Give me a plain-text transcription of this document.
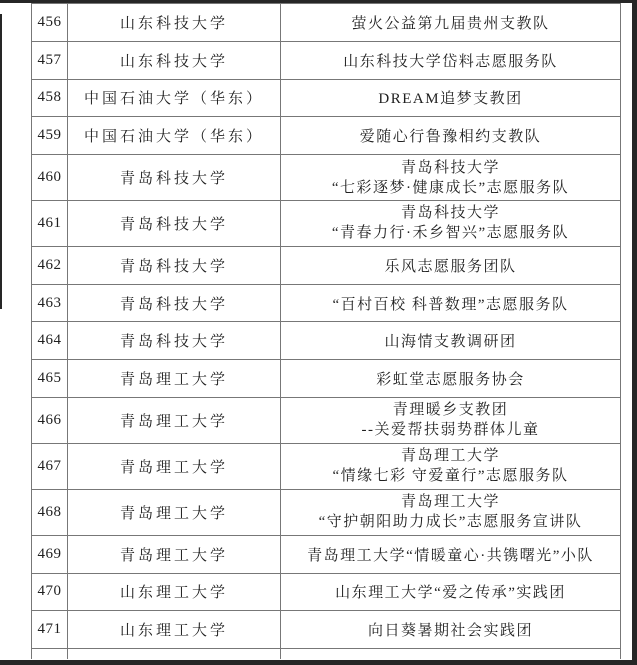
456	山东科技大学	萤火公益第九届贵州支教队

457	山东科技大学	山东科技大学岱料志愿服务队

458	中国石油大学（华东）	DREAM追梦支教团

459	中国石油大学（华东）	爱随心行鲁豫相约支教队

460	青岛科技大学	青岛科技大学
“七彩逐梦·健康成长”志愿服务队

461	青岛科技大学	青岛科技大学
“青春力行·禾乡智兴”志愿服务队

462	青岛科技大学	乐风志愿服务团队

463	青岛科技大学	“百村百校 科普数理”志愿服务队

464	青岛科技大学	山海情支教调研团

465	青岛理工大学	彩虹堂志愿服务协会

466	青岛理工大学	青理暖乡支教团
--关爱帮扶弱势群体儿童

467	青岛理工大学	青岛理工大学
“情缘七彩 守爱童行”志愿服务队

468	青岛理工大学	青岛理工大学
“守护朝阳助力成长”志愿服务宣讲队

469	青岛理工大学	青岛理工大学“情暖童心·共镌曙光”小队

470	山东理工大学	山东理工大学“爱之传承”实践团

471	山东理工大学	向日葵暑期社会实践团
